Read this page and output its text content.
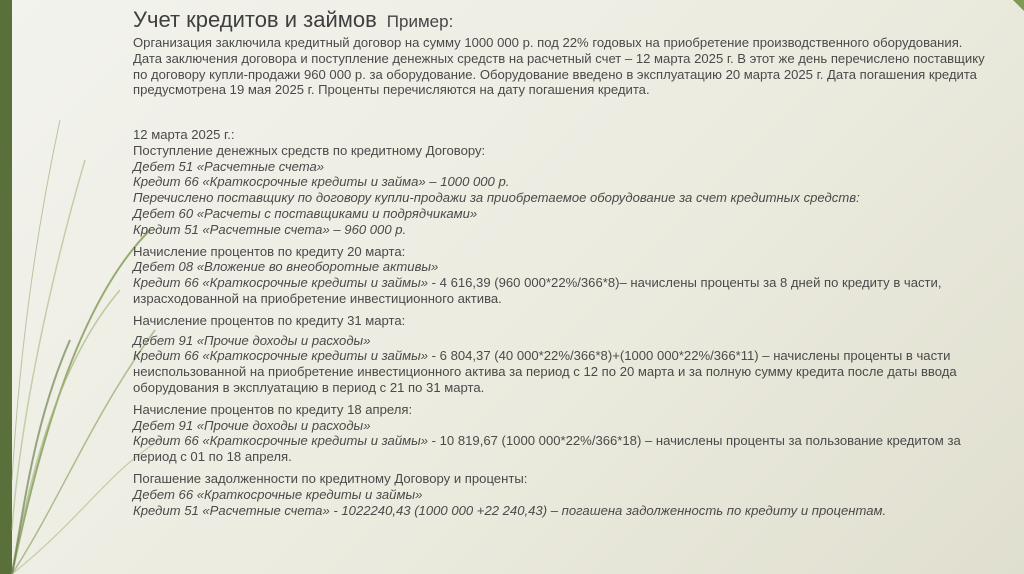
Учет кредитов и займов Пример:
Организация заключила кредитный договор на сумму 1000 000 р. под 22% годовых на приобретение производственного оборудования. Дата заключения договора и поступление денежных средств на расчетный счет – 12 марта 2025 г. В этот же день перечислено поставщику по договору купли-продажи 960 000 р. за оборудование. Оборудование введено в эксплуатацию 20 марта 2025 г. Дата погашения кредита предусмотрена 19 мая 2025 г. Проценты перечисляются на дату погашения кредита.

12 марта 2025 г.:

Поступление денежных средств по кредитному Договору:

Дебет 51 «Расчетные счета»

Кредит 66 «Краткосрочные кредиты и займа» – 1000 000 р.

Перечислено поставщику по договору купли-продажи за приобретаемое оборудование за счет кредитных средств:

Дебет 60 «Расчеты с поставщиками и подрядчиками»

Кредит 51 «Расчетные счета» – 960 000 р.

Начисление процентов по кредиту 20 марта:

Дебет 08 «Вложение во внеоборотные активы»

Кредит 66 «Краткосрочные кредиты и займы» - 4 616,39 (960 000*22%/366*8)– начислены проценты за 8 дней по кредиту в части, израсходованной на приобретение инвестиционного актива.

Начисление процентов по кредиту 31 марта:

Дебет 91 «Прочие доходы и расходы»

Кредит 66 «Краткосрочные кредиты и займы» - 6 804,37 (40 000*22%/366*8)+(1000 000*22%/366*11) – начислены проценты в части неиспользованной на приобретение инвестиционного актива за период с 12 по 20 марта и за полную сумму кредита после даты ввода оборудования в эксплуатацию в период с 21 по 31 марта.

Начисление процентов по кредиту 18 апреля:

Дебет 91 «Прочие доходы и расходы»

Кредит 66 «Краткосрочные кредиты и займы» - 10 819,67 (1000 000*22%/366*18) – начислены проценты за пользование кредитом за период с 01 по 18 апреля.

Погашение задолженности по кредитному Договору и проценты:

Дебет 66 «Краткосрочные кредиты и займы»

Кредит 51 «Расчетные счета» - 1022240,43 (1000 000 +22 240,43) – погашена задолженность по кредиту и процентам.
